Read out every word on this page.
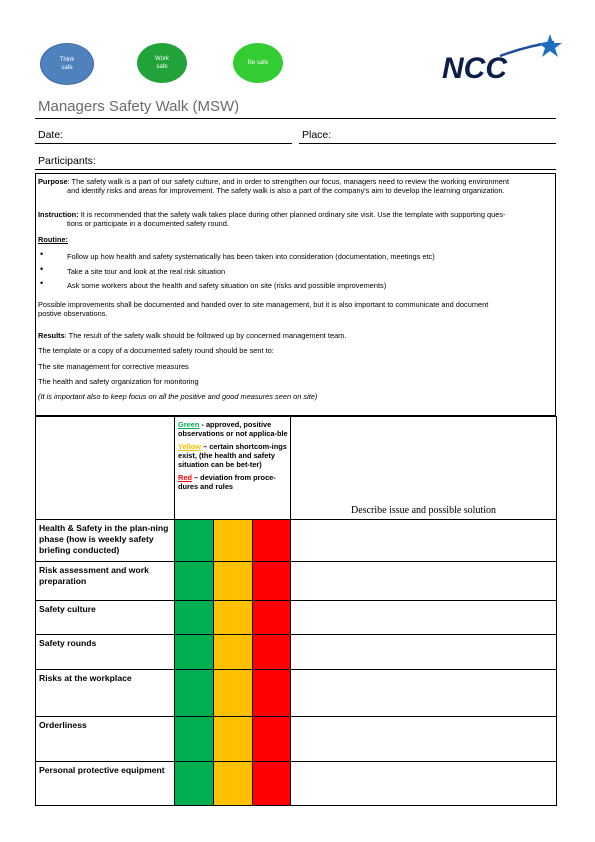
Think
safe
Work
safe
Be safe	NCC
Managers Safety Walk (MSW)
Date:	Place:
Participants:
Purpose: The safety walk is a part of our safety culture, and in order to strengthen our focus, managers need to review the working environment
and identify risks and areas for improvement. The safety walk is also a part of the company's aim to develop the learning organization.
Instruction: It is recommended that the safety walk takes place during other planned ordinary site visit. Use the template with supporting ques-
tions or participate in a documented safety round.
Routine:
•	Follow up how health and safety systematically has been taken into consideration (documentation, meetings etc)
•	Take a site tour and look at the real risk situation
•	Ask some workers about the health and safety situation on site (risks and possible improvements)
Possible improvements shall be documented and handed over to site management, but it is also important to communicate and document
postive observations.
Results: The result of the safety walk should be followed up by concerned management team.
The template or a copy of a documented safety round should be sent to:
The site management for corrective measures
The health and safety organization for monitoring
(It is important also to keep focus on all the positive and good measures seen on site)

	Green - approved, positive observations or not applica-ble
Yellow – certain shortcom-ings exist, (the health and safety situation can be bet-ter)
Red – deviation from proce-dures and rules			Describe issue and possible solution
Health & Safety in the plan-ning phase (how is weekly safety briefing conducted)				
Risk assessment and work preparation				
Safety culture				
Safety rounds				
Risks at the workplace				
Orderliness				
Personal protective equipment				
